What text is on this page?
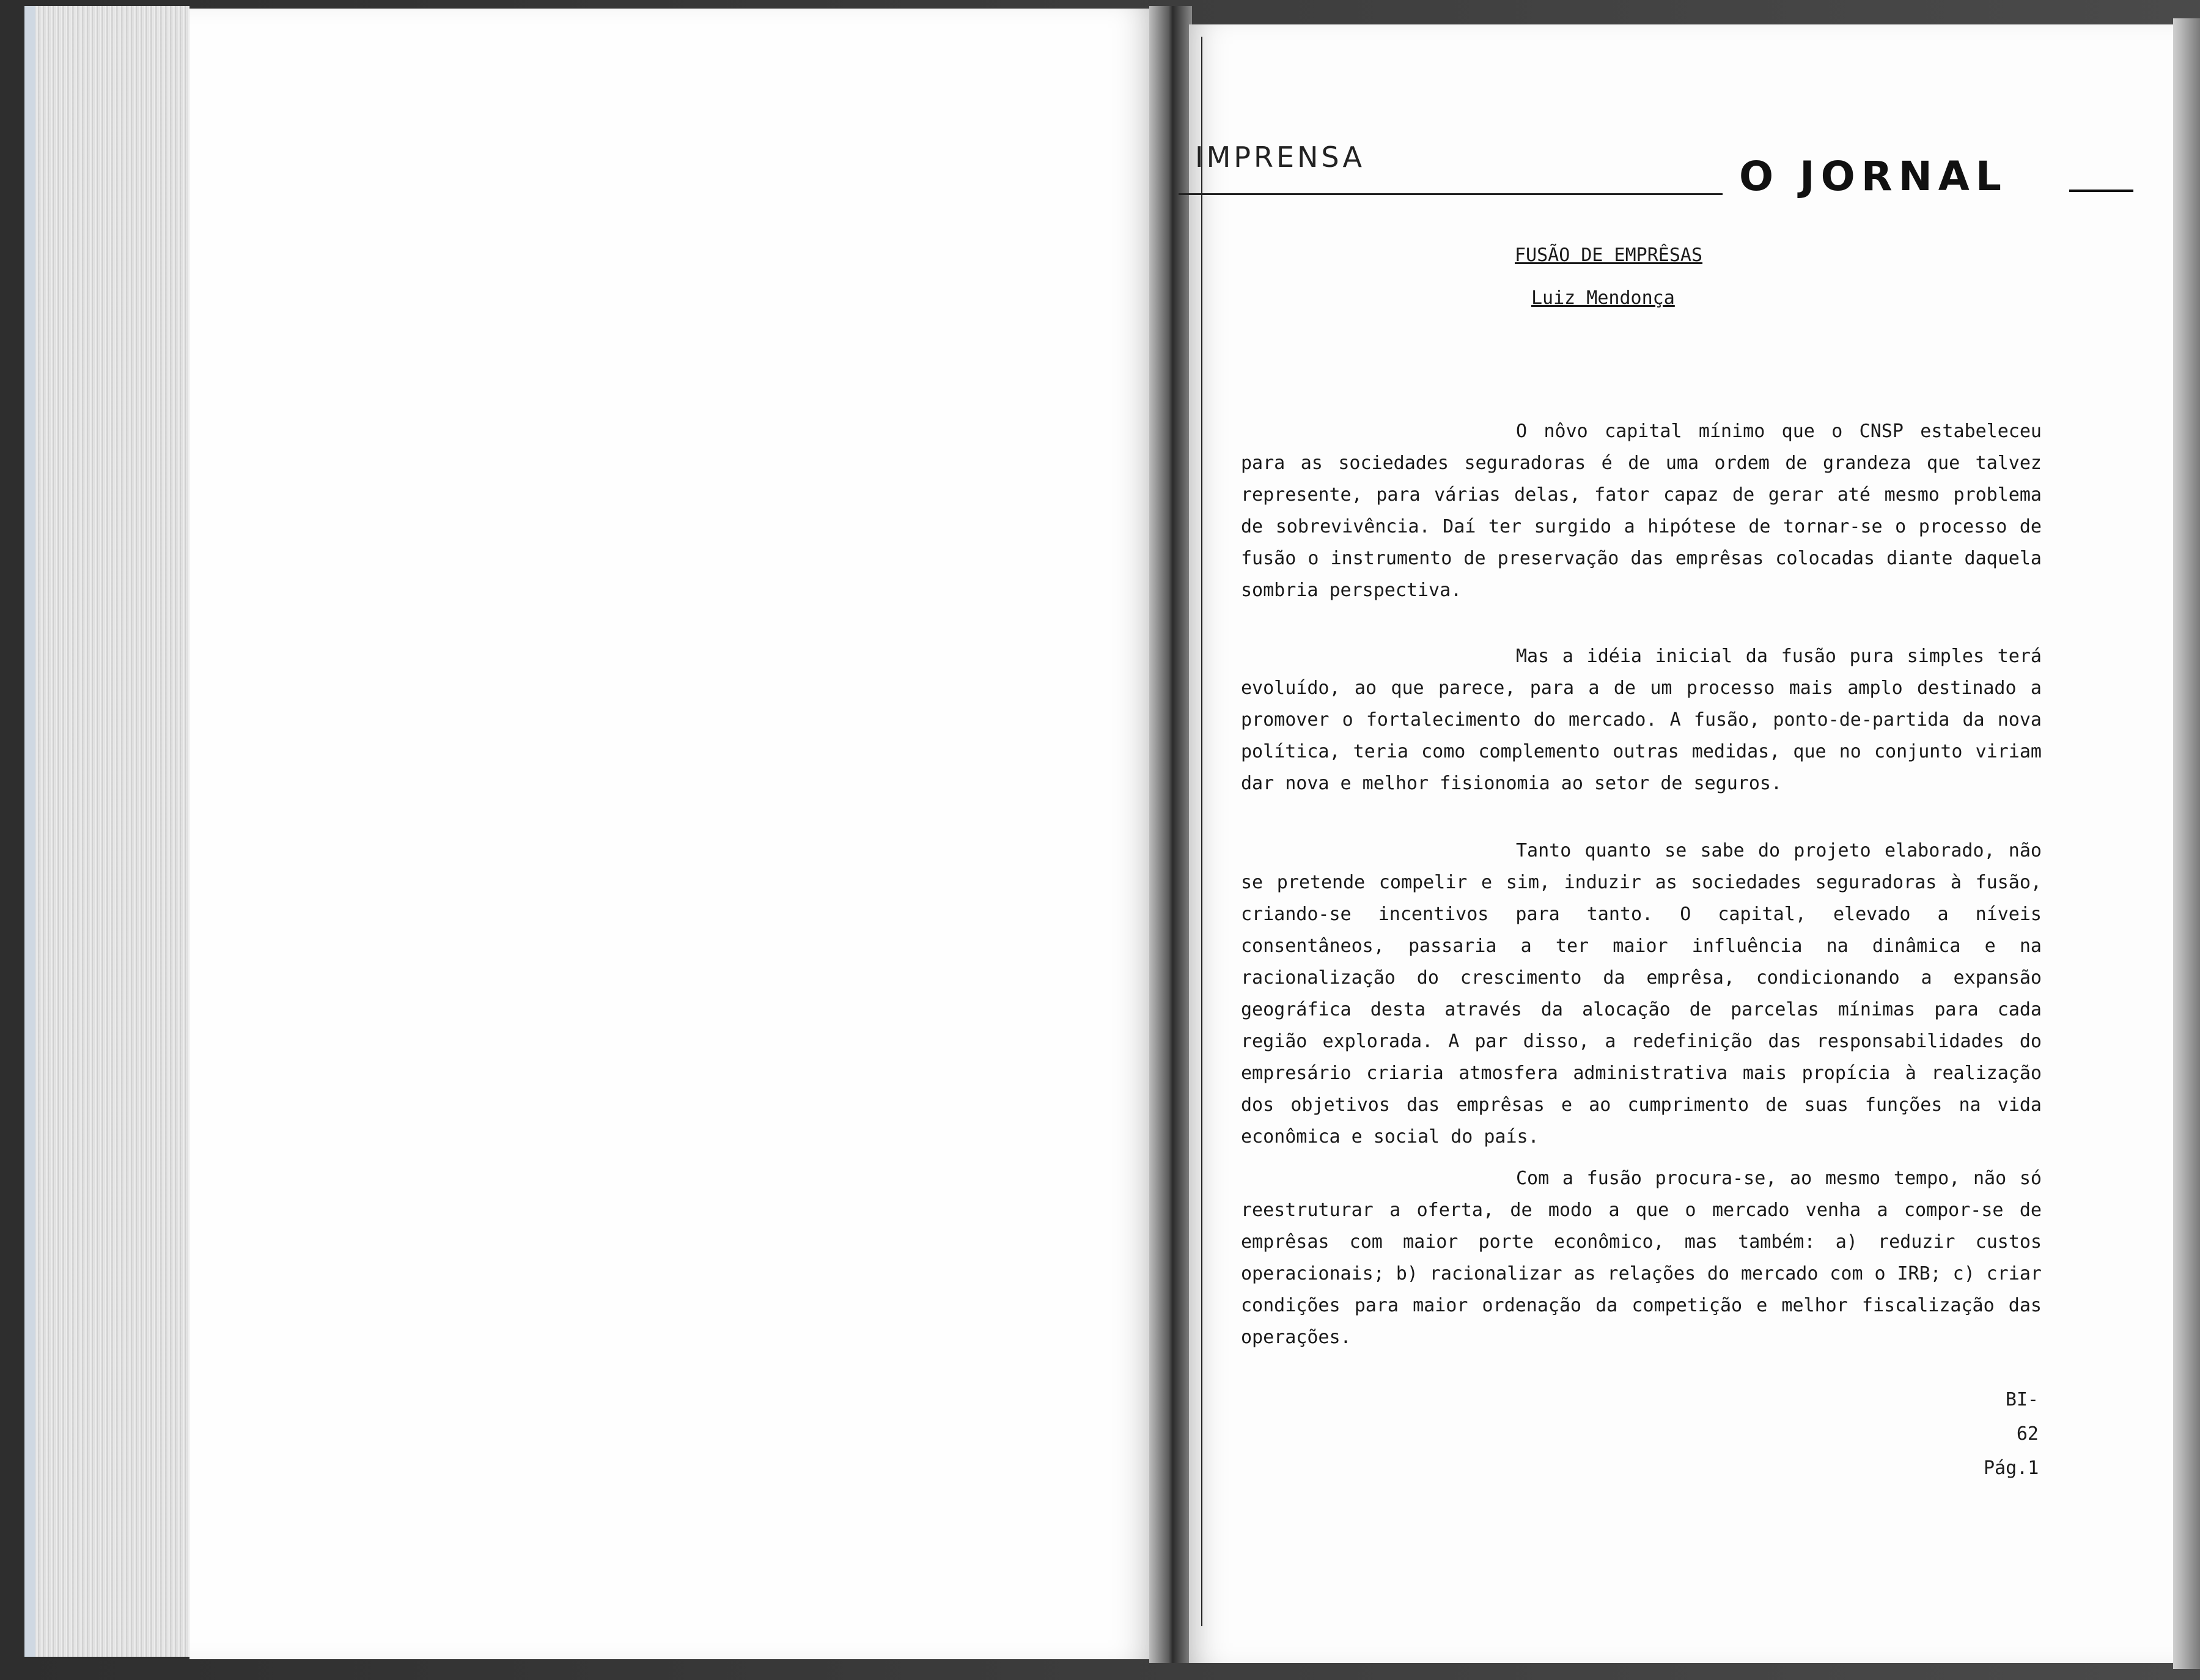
IMPRENSA	O JORNAL
FUSÃO DE EMPRÊSAS
Luiz Mendonça

O nôvo capital mínimo que o CNSP estabeleceu para as sociedades seguradoras é de uma ordem de grandeza que talvez represente, para várias delas, fator capaz de gerar até mesmo problema de sobrevivência. Daí ter surgido a hipótese de tornar-se o processo de fusão o instrumento de preservação das emprêsas colocadas diante daquela sombria perspectiva.

Mas a idéia inicial da fusão pura simples terá evoluído, ao que parece, para a de um processo mais amplo destinado a promover o fortalecimento do mercado. A fusão, ponto-de-partida da nova política, teria como complemento outras medidas, que no conjunto viriam dar nova e melhor fisionomia ao setor de seguros.

Tanto quanto se sabe do projeto elaborado, não se pretende compelir e sim, induzir as sociedades seguradoras à fusão, criando-se incentivos para tanto. O capital, elevado a níveis consentâneos, passaria a ter maior influência na dinâmica e na racionalização do crescimento da emprêsa, condicionando a expansão geográfica desta através da alocação de parcelas mínimas para cada região explorada. A par disso, a redefinição das responsabilidades do empresário criaria atmosfera administrativa mais propícia à realização dos objetivos das emprêsas e ao cumprimento de suas funções na vida econômica e social do país.

Com a fusão procura-se, ao mesmo tempo, não só reestruturar a oferta, de modo a que o mercado venha a compor-se de emprêsas com maior porte econômico, mas também: a) reduzir custos operacionais; b) racionalizar as relações do mercado com o IRB; c) criar condições para maior ordenação da competição e melhor fiscalização das operações.

BI-62
Pág.1
